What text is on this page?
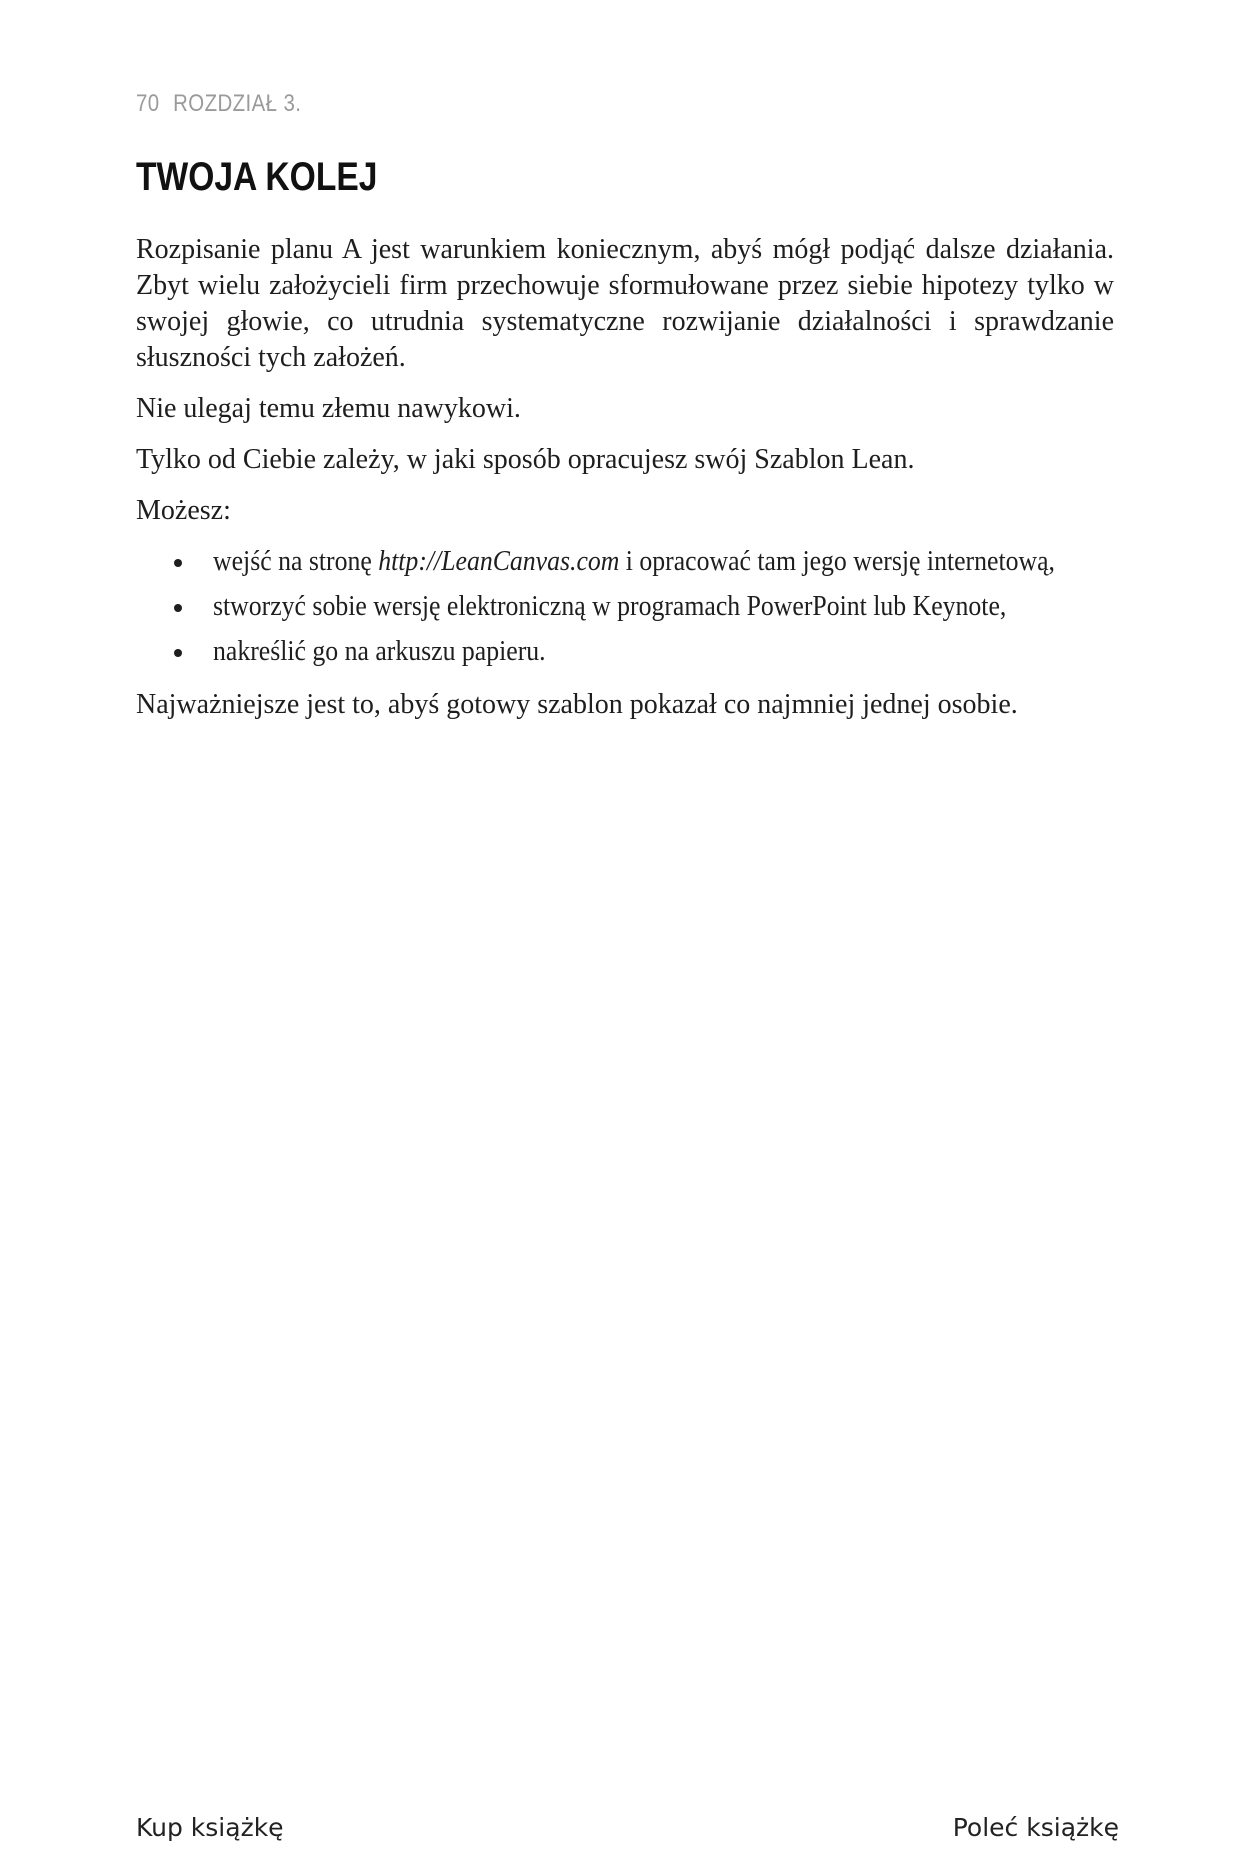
70 ROZDZIAŁ 3.
TWOJA KOLEJ

Rozpisanie planu A jest warunkiem koniecznym, abyś mógł podjąć dalsze działania. Zbyt wielu założycieli firm przechowuje sformułowane przez siebie hipotezy tylko w swojej głowie, co utrudnia systematyczne rozwijanie działalności i sprawdzanie słuszności tych założeń.

Nie ulegaj temu złemu nawykowi.

Tylko od Ciebie zależy, w jaki sposób opracujesz swój Szablon Lean.

Możesz:

wejść na stronę http://LeanCanvas.com i opracować tam jego wersję internetową,
stworzyć sobie wersję elektroniczną w programach PowerPoint lub Keynote,
nakreślić go na arkuszu papieru.

Najważniejsze jest to, abyś gotowy szablon pokazał co najmniej jednej osobie.

Kup książkę	Poleć książkę
